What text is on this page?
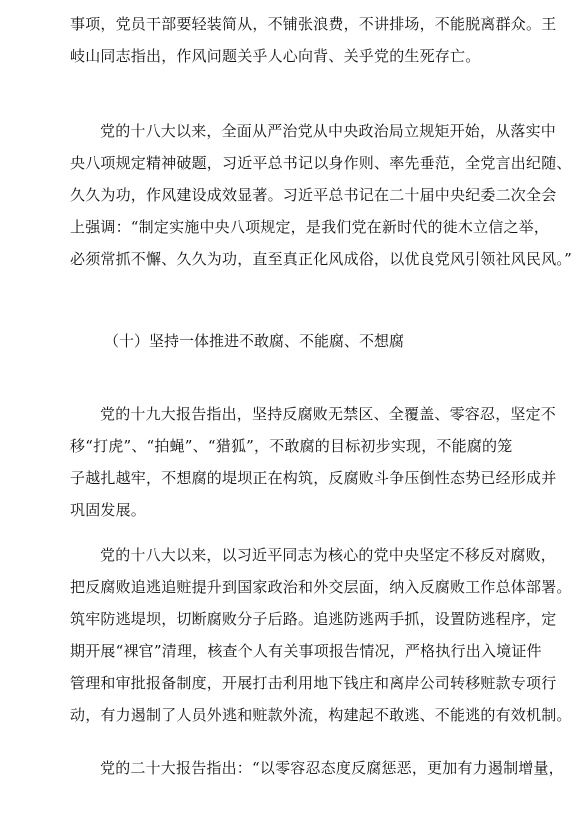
事项，党员干部要轻装简从，不铺张浪费，不讲排场，不能脱离群众。王
岐山同志指出，作风问题关乎人心向背、关乎党的生死存亡。

党的十八大以来，全面从严治党从中央政治局立规矩开始，从落实中
央八项规定精神破题，习近平总书记以身作则、率先垂范，全党言出纪随、
久久为功，作风建设成效显著。习近平总书记在二十届中央纪委二次全会
上强调：“制定实施中央八项规定，是我们党在新时代的徙木立信之举，
必须常抓不懈、久久为功，直至真正化风成俗，以优良党风引领社风民风。”

（十）坚持一体推进不敢腐、不能腐、不想腐

党的十九大报告指出，坚持反腐败无禁区、全覆盖、零容忍，坚定不
移“打虎”、“拍蝇”、“猎狐”，不敢腐的目标初步实现，不能腐的笼
子越扎越牢，不想腐的堤坝正在构筑，反腐败斗争压倒性态势已经形成并
巩固发展。

党的十八大以来，以习近平同志为核心的党中央坚定不移反对腐败，
把反腐败追逃追赃提升到国家政治和外交层面，纳入反腐败工作总体部署。
筑牢防逃堤坝，切断腐败分子后路。追逃防逃两手抓，设置防逃程序，定
期开展“裸官”清理，核查个人有关事项报告情况，严格执行出入境证件
管理和审批报备制度，开展打击利用地下钱庄和离岸公司转移赃款专项行
动，有力遏制了人员外逃和赃款外流，构建起不敢逃、不能逃的有效机制。

党的二十大报告指出：“以零容忍态度反腐惩恶，更加有力遏制增量，
